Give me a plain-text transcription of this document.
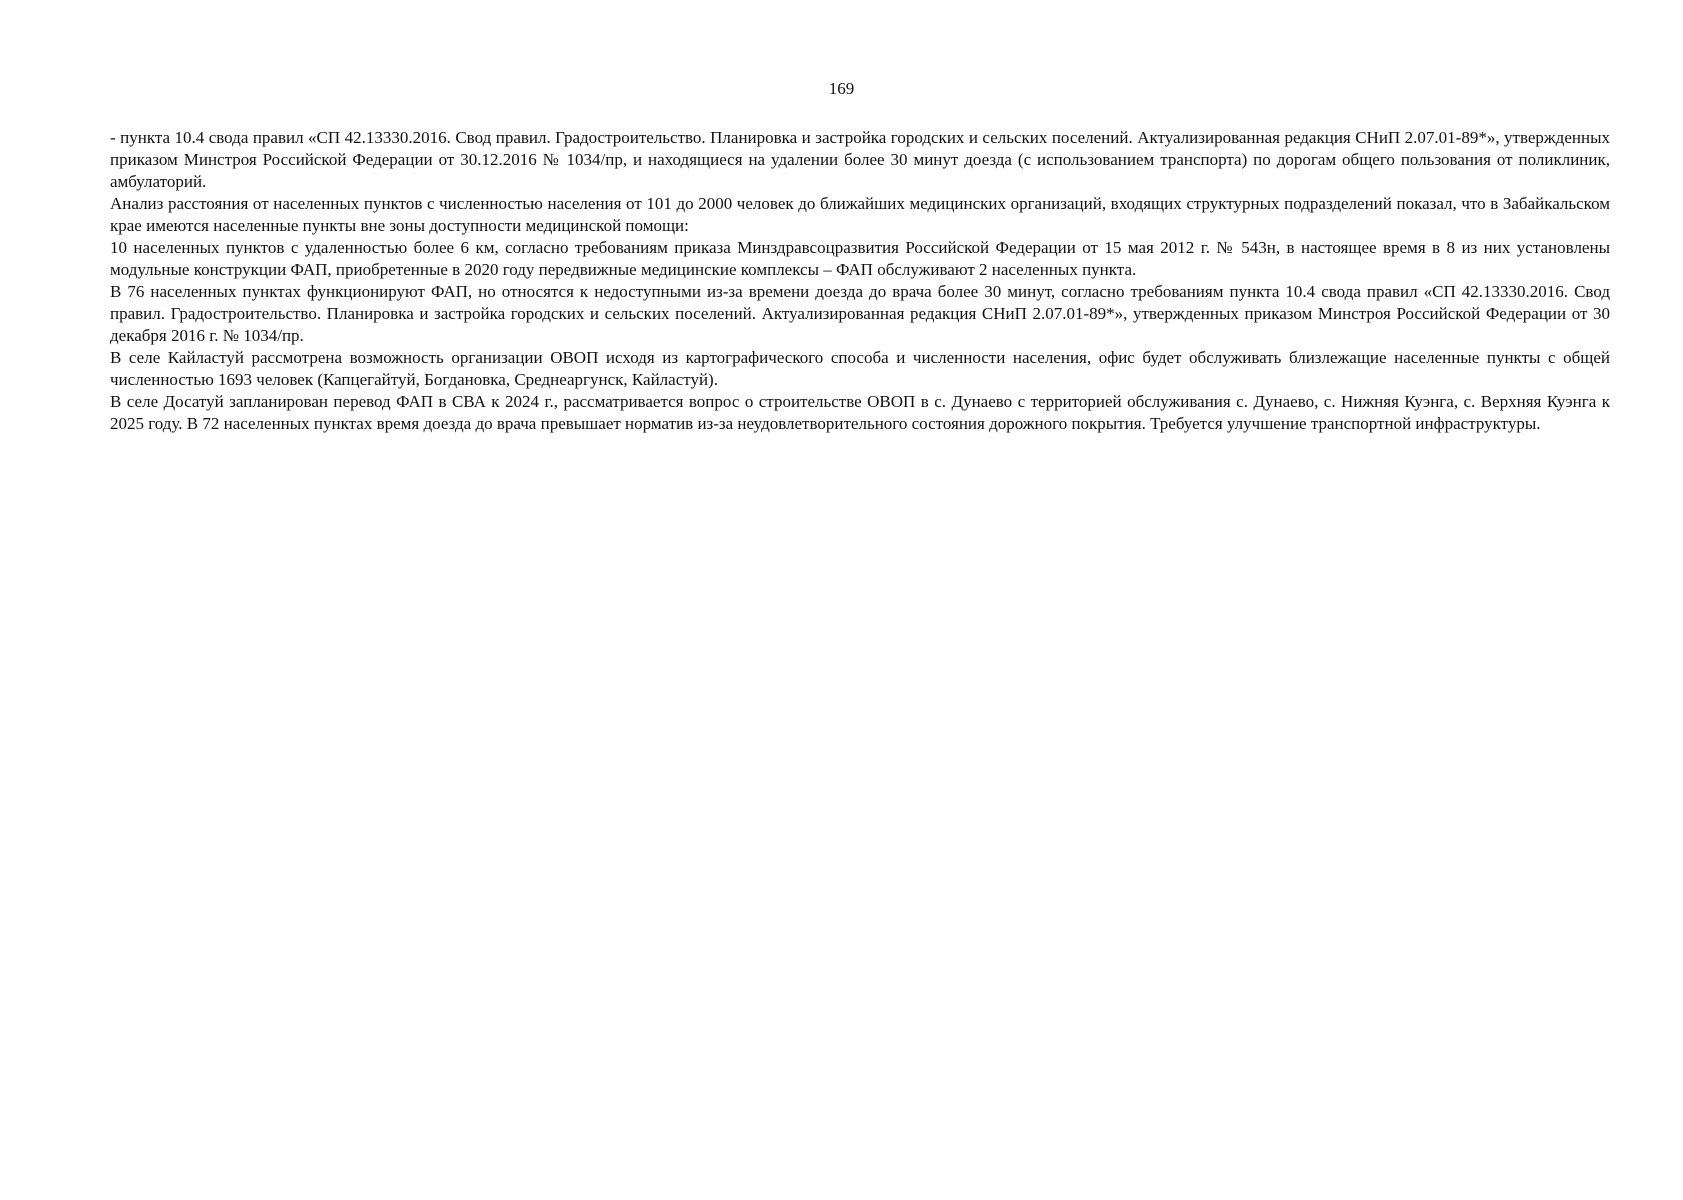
169

- пункта 10.4 свода правил «СП 42.13330.2016. Свод правил. Градостроительство. Планировка и застройка городских и сельских поселений. Актуализированная редакция СНиП 2.07.01-89*», утвержденных приказом Минстроя Российской Федерации от 30.12.2016 № 1034/пр, и находящиеся на удалении более 30 минут доезда (с использованием транспорта) по дорогам общего пользования от поликлиник, амбулаторий.

Анализ расстояния от населенных пунктов с численностью населения от 101 до 2000 человек до ближайших медицинских организаций, входящих структурных подразделений показал, что в Забайкальском крае имеются населенные пункты вне зоны доступности медицинской помощи:

10 населенных пунктов с удаленностью более 6 км, согласно требованиям приказа Минздравсоцразвития Российской Федерации от 15 мая 2012 г. № 543н, в настоящее время в 8 из них установлены модульные конструкции ФАП, приобретенные в 2020 году передвижные медицинские комплексы – ФАП обслуживают 2 населенных пункта.

В 76 населенных пунктах функционируют ФАП, но относятся к недоступными из-за времени доезда до врача более 30 минут, согласно требованиям пункта 10.4 свода правил «СП 42.13330.2016. Свод правил. Градостроительство. Планировка и застройка городских и сельских поселений. Актуализированная редакция СНиП 2.07.01-89*», утвержденных приказом Минстроя Российской Федерации от 30 декабря 2016 г. № 1034/пр.

В селе Кайластуй рассмотрена возможность организации ОВОП исходя из картографического способа и численности населения, офис будет обслуживать близлежащие населенные пункты с общей численностью 1693 человек (Капцегайтуй, Богдановка, Среднеаргунск, Кайластуй).

В селе Досатуй запланирован перевод ФАП в СВА к 2024 г., рассматривается вопрос о строительстве ОВОП в с. Дунаево с территорией обслуживания с. Дунаево, с. Нижняя Куэнга, с. Верхняя Куэнга к 2025 году. В 72 населенных пунктах время доезда до врача превышает норматив из-за неудовлетворительного состояния дорожного покрытия. Требуется улучшение транспортной инфраструктуры.
